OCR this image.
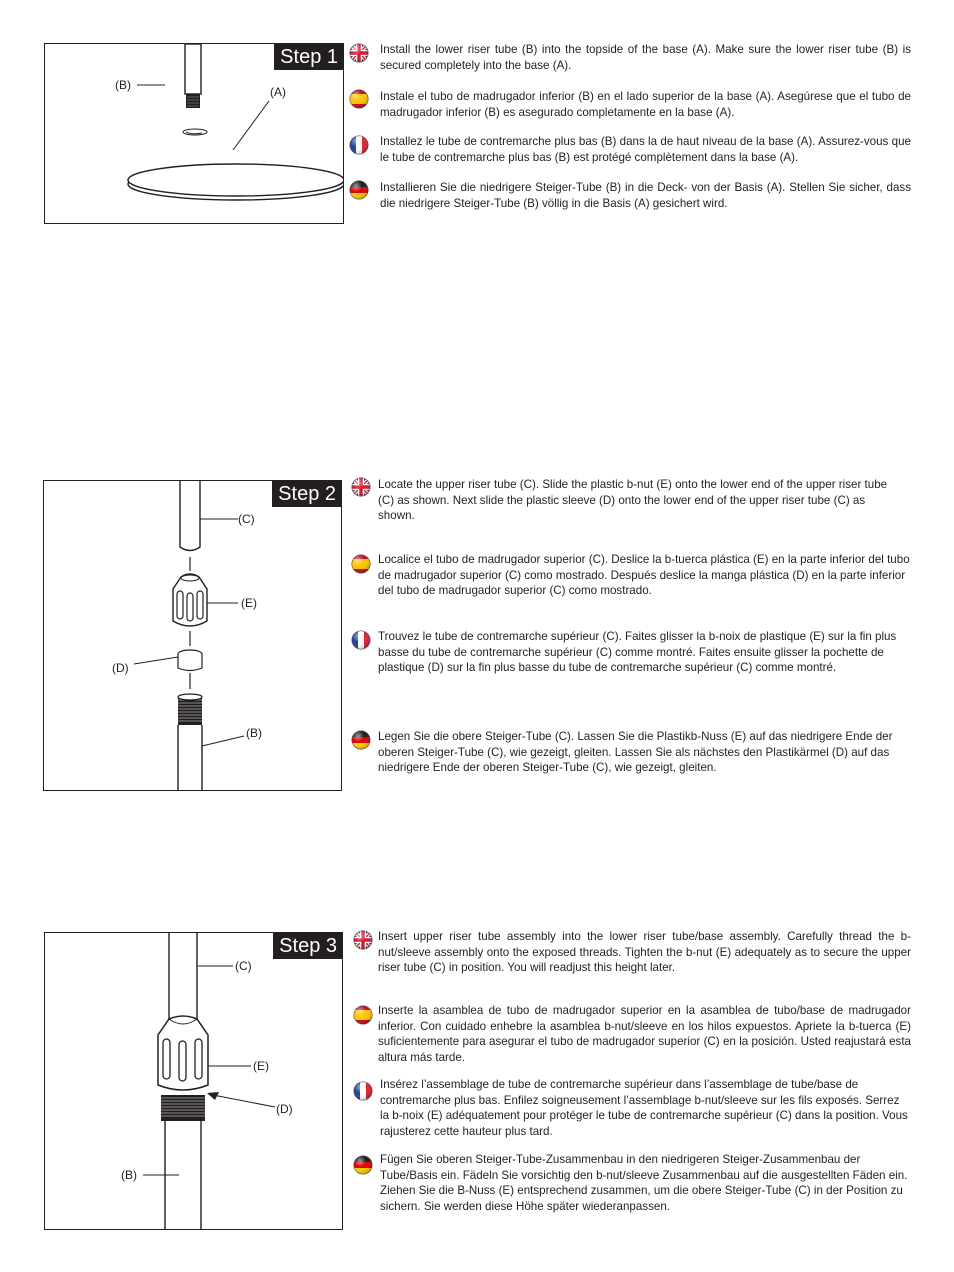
Step 1
(B)	(A)
Install the lower riser tube (B) into the topside of the base (A). Make sure the lower riser tube (B) is secured completely into the base (A).
Instale el tubo de madrugador inferior (B) en el lado superior de la base (A). Asegúrese que el tubo de madrugador inferior (B) es asegurado completamente en la base (A).
Installez le tube de contremarche plus bas (B) dans la de haut niveau de la base (A). Assurez-vous que le tube de contremarche plus bas (B) est protégé complètement dans la base (A).
Installieren Sie die niedrigere Steiger-Tube (B) in die Deck- von der Basis (A). Stellen Sie sicher, dass die niedrigere Steiger-Tube (B) völlig in die Basis (A) gesichert wird.
Step 2
(C)
(E)
(D)
(B)
Locate the upper riser tube (C). Slide the plastic b-nut (E) onto the lower end of the upper riser tube (C) as shown. Next slide the plastic sleeve (D) onto the lower end of the upper riser tube (C) as shown.
Localice el tubo de madrugador superior (C). Deslice la b-tuerca plástica (E) en la parte inferior del tubo de madrugador superior (C) como mostrado. Después deslice la manga plástica (D) en la parte inferior del tubo de madrugador superior (C) como mostrado.
Trouvez le tube de contremarche supérieur (C). Faites glisser la b-noix de plastique (E) sur la fin plus basse du tube de contremarche supérieur (C) comme montré. Faites ensuite glisser la pochette de plastique (D) sur la fin plus basse du tube de contremarche supérieur (C) comme montré.
Legen Sie die obere Steiger-Tube (C). Lassen Sie die Plastikb-Nuss (E) auf das niedrigere Ende der oberen Steiger-Tube (C), wie gezeigt, gleiten. Lassen Sie als nächstes den Plastikärmel (D) auf das niedrigere Ende der oberen Steiger-Tube (C), wie gezeigt, gleiten.
Step 3
(C)
(E)
(D)
(B)
Insert upper riser tube assembly into the lower riser tube/base assembly. Carefully thread the b-nut/sleeve assembly onto the exposed threads. Tighten the b-nut (E) adequately as to secure the upper riser tube (C) in position. You will readjust this height later.
Inserte la asamblea de tubo de madrugador superior en la asamblea de tubo/base de madrugador inferior. Con cuidado enhebre la asamblea b-nut/sleeve en los hilos expuestos. Apriete la b-tuerca (E) suficientemente para asegurar el tubo de madrugador superior (C) en la posición. Usted reajustará esta altura más tarde.
Insérez l’assemblage de tube de contremarche supérieur dans l’assemblage de tube/base de contremarche plus bas. Enfilez soigneusement l’assemblage b-nut/sleeve sur les fils exposés. Serrez la b-noix (E) adéquatement pour protéger le tube de contremarche supérieur (C) dans la position. Vous rajusterez cette hauteur plus tard.
Fügen Sie oberen Steiger-Tube-Zusammenbau in den niedrigeren Steiger-Zusammenbau der Tube/Basis ein. Fädeln Sie vorsichtig den b-nut/sleeve Zusammenbau auf die ausgestellten Fäden ein. Ziehen Sie die B-Nuss (E) entsprechend zusammen, um die obere Steiger-Tube (C) in der Position zu sichern. Sie werden diese Höhe später wiederanpassen.
